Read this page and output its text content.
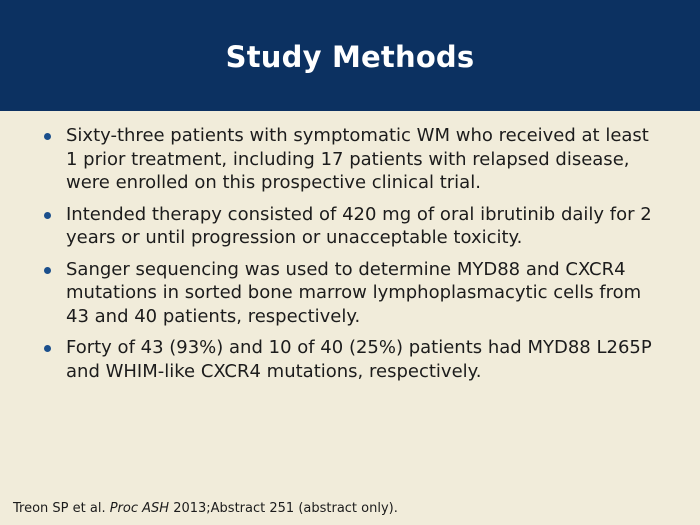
Study Methods
Sixty-three patients with symptomatic WM who received at least 1 prior treatment, including 17 patients with relapsed disease, were enrolled on this prospective clinical trial.
Intended therapy consisted of 420 mg of oral ibrutinib daily for 2 years or until progression or unacceptable toxicity.
Sanger sequencing was used to determine MYD88 and CXCR4 mutations in sorted bone marrow lymphoplasmacytic cells from 43 and 40 patients, respectively.
Forty of 43 (93%) and 10 of 40 (25%) patients had MYD88 L265P and WHIM-like CXCR4 mutations, respectively.
Treon SP et al. Proc ASH 2013;Abstract 251 (abstract only).
